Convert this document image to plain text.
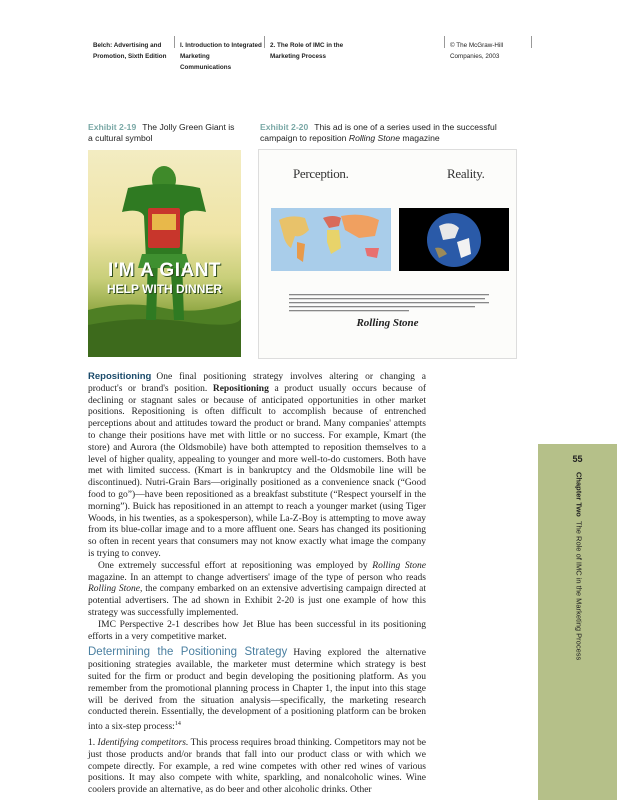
Belch: Advertising and
Promotion, Sixth Edition
I. Introduction to Integrated
Marketing
Communications
2. The Role of IMC in the
Marketing Process
© The McGraw-Hill
Companies, 2003
Exhibit 2-19 The Jolly Green Giant is
a cultural symbol
Exhibit 2-20 This ad is one of a series used in the successful
campaign to reposition Rolling Stone magazine
I'M A GIANT
HELP WITH DINNER
Perception.	Reality.
Rolling Stone

Repositioning One final positioning strategy involves altering or changing a product's or brand's position. Repositioning a product usually occurs because of declining or stagnant sales or because of anticipated opportunities in other market positions. Repositioning is often difficult to accomplish because of entrenched perceptions about and attitudes toward the product or brand. Many companies' attempts to change their positions have met with little or no success. For example, Kmart (the store) and Aurora (the Oldsmobile) have both attempted to reposition themselves to a level of higher quality, appealing to younger and more well-to-do customers. Both have met with limited success. (Kmart is in bankruptcy and the Oldsmobile line will be discontinued). Nutri-Grain Bars—originally positioned as a convenience snack (“Good food to go”)—have been repositioned as a breakfast substitute (“Respect yourself in the morning”). Buick has repositioned in an attempt to reach a younger market (using Tiger Woods, in his twenties, as a spokesperson), while La-Z-Boy is attempting to move away from its blue-collar image and to a more affluent one. Sears has changed its positioning so often in recent years that consumers may not know exactly what image the company is trying to convey.

One extremely successful effort at repositioning was employed by Rolling Stone magazine. In an attempt to change advertisers' image of the type of person who reads Rolling Stone, the company embarked on an extensive advertising campaign directed at potential advertisers. The ad shown in Exhibit 2-20 is just one example of how this strategy was successfully implemented.

IMC Perspective 2-1 describes how Jet Blue has been successful in its positioning efforts in a very competitive market.

Determining the Positioning Strategy Having explored the alternative positioning strategies available, the marketer must determine which strategy is best suited for the firm or product and begin developing the positioning platform. As you remember from the promotional planning process in Chapter 1, the input into this stage will be derived from the situation analysis—specifically, the marketing research conducted therein. Essentially, the development of a positioning platform can be broken into a six-step process:$^{14}$

1. Identifying competitors. This process requires broad thinking. Competitors may not be just those products and/or brands that fall into our product class or with which we compete directly. For example, a red wine competes with other red wines of various positions. It may also compete with white, sparkling, and nonalcoholic wines. Wine coolers provide an alternative, as do beer and other alcoholic drinks. Other

55
Chapter Two  The Role of IMC in the Marketing Process
